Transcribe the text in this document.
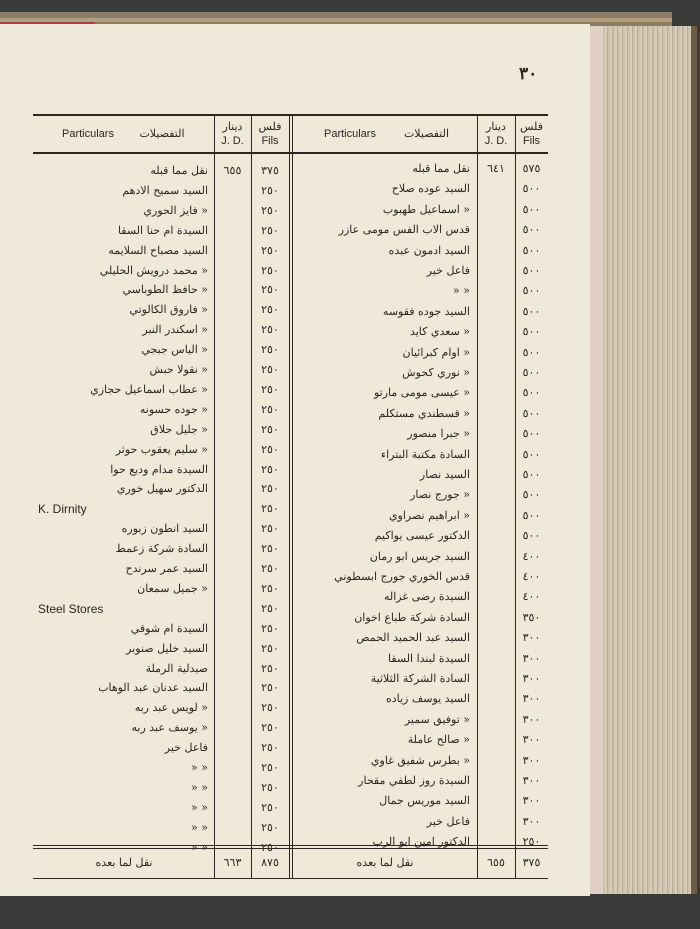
٣٠
Particulars	التفصيلات
دينار
J. D.
فلس
Fils
Particulars	التفصيلات
دينار
J. D.
فلس
Fils
٥٧٥
٦٤١
نقل مما قبله
٥٠٠
السيد عوده صلاح
٥٠٠
« اسماعيل طهبوب
٥٠٠
قدس الاب الفس مومى عازر
٥٠٠
السيد ادمون عبده
٥٠٠
فاعل خير
٥٠٠
« «
٥٠٠
السيد جوده فقوسه
٥٠٠
« سعدي كايد
٥٠٠
« اوام كبرائيان
٥٠٠
« نوري كحوش
٥٠٠
« عيسى مومى مارتو
٥٠٠
« قسطندي مستكلم
٥٠٠
« جبرا منصور
٥٠٠
السادة مكتبة البتراء
٥٠٠
السيد نصار
٥٠٠
« جورج نصار
٥٠٠
« ابراهيم نصراوي
٥٠٠
الدكتور عيسى يواكيم
٤٠٠
السيد جريس ابو رمان
٤٠٠
قدس الخوري جورج ابسطوني
٤٠٠
السيدة رضى غزاله
٣٥٠
السادة شركة طباع اخوان
٣٠٠
السيد عبد الحميد الحمص
٣٠٠
السيدة لبندا السقا
٣٠٠
السادة الشركة الثلاثية
٣٠٠
السيد يوسف زياده
٣٠٠
« توفيق سمير
٣٠٠
« صالح عاملة
٣٠٠
« بطرس شفيق غاوي
٣٠٠
السيدة روز لطفي مقحار
٣٠٠
السيد موريس جمال
٣٠٠
فاعل خير
٢٥٠
الدكتور امين ابو الرب
٣٧٥
٦٥٥
نقل مما قبله
٢٥٠
السيد سميح الادهم
٢٥٠
« فايز الحوري
٢٥٠
السيدة ام حنا السقا
٢٥٠
السيد مصباح السلايمه
٢٥٠
« محمد درويش الحليلي
٢٥٠
« حافظ الطوباسي
٢٥٠
« فاروق الكالوتي
٢٥٠
« اسكندر النبر
٢٥٠
« الياس جبجي
٢٥٠
« نقولا حبش
٢٥٠
« عطاب اسماعيل حجازي
٢٥٠
« جوده حسونه
٢٥٠
« جليل حلاق
٢٥٠
« سليم يعقوب حوثر
٢٥٠
السيدة مدام وديع حوا
٢٥٠
الدكتور سهيل خوري
٢٥٠
K. Dirnity
٢٥٠
السيد انطون زبوره
٢٥٠
السادة شركة زعمط
٢٥٠
السيد عمر سرندح
٢٥٠
« جميل سمعان
٢٥٠
Steel Stores
٢٥٠
السيدة ام شوقي
٢٥٠
السيد خليل صنوبر
٢٥٠
صيدلية الرملة
٢٥٠
السيد عدنان عبد الوهاب
٢٥٠
« لويس عبد ربه
٢٥٠
« يوسف عبد ربه
٢٥٠
فاعل خير
٢٥٠
« «
٢٥٠
« «
٢٥٠
« «
٢٥٠
« «
٢٥٠
« «
٣٧٥
٦٥٥
نقل لما بعده
٨٧٥
٦٦٣
نقل لما بعده
